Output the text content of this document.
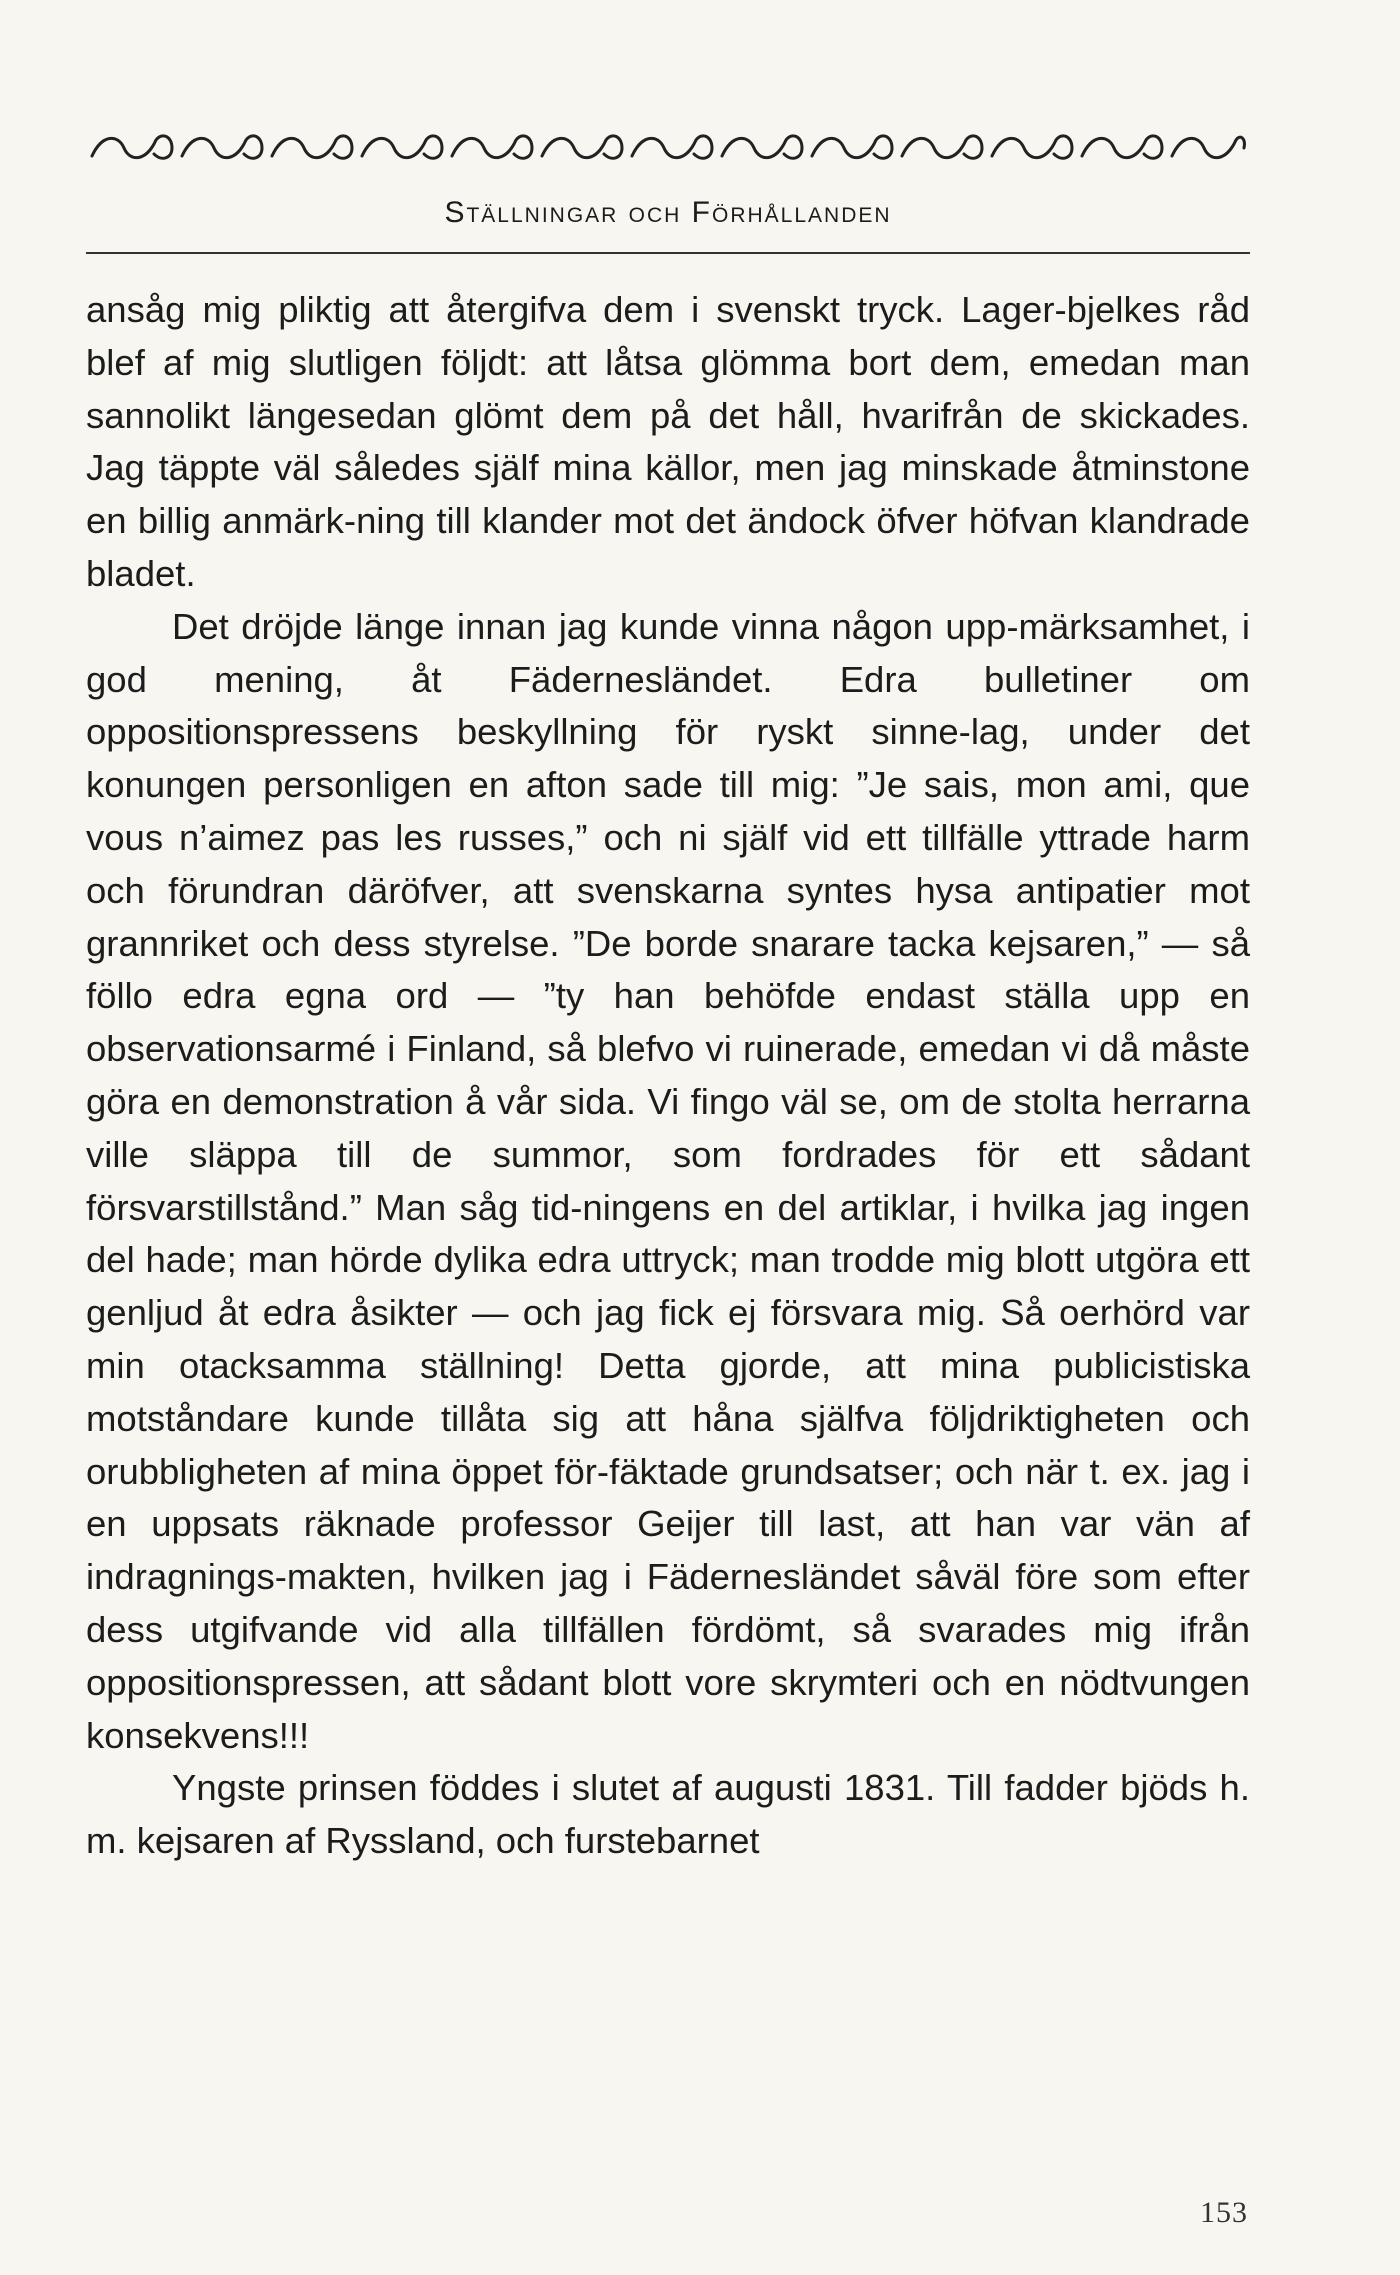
Ställningar och Förhållanden

ansåg mig pliktig att återgifva dem i svenskt tryck. Lager-bjelkes råd blef af mig slutligen följdt: att låtsa glömma bort dem, emedan man sannolikt längesedan glömt dem på det håll, hvarifrån de skickades. Jag täppte väl således själf mina källor, men jag minskade åtminstone en billig anmärk-ning till klander mot det ändock öfver höfvan klandrade bladet.

Det dröjde länge innan jag kunde vinna någon upp-märksamhet, i god mening, åt Fädernesländet. Edra bulletiner om oppositionspressens beskyllning för ryskt sinne-lag, under det konungen personligen en afton sade till mig: ”Je sais, mon ami, que vous n’aimez pas les russes,” och ni själf vid ett tillfälle yttrade harm och förundran däröfver, att svenskarna syntes hysa antipatier mot grannriket och dess styrelse. ”De borde snarare tacka kejsaren,” — så föllo edra egna ord — ”ty han behöfde endast ställa upp en observationsarmé i Finland, så blefvo vi ruinerade, emedan vi då måste göra en demonstration å vår sida. Vi fingo väl se, om de stolta herrarna ville släppa till de summor, som fordrades för ett sådant försvarstillstånd.” Man såg tid-ningens en del artiklar, i hvilka jag ingen del hade; man hörde dylika edra uttryck; man trodde mig blott utgöra ett genljud åt edra åsikter — och jag fick ej försvara mig. Så oerhörd var min otacksamma ställning! Detta gjorde, att mina publicistiska motståndare kunde tillåta sig att håna själfva följdriktigheten och orubbligheten af mina öppet för-fäktade grundsatser; och när t. ex. jag i en uppsats räknade professor Geijer till last, att han var vän af indragnings-makten, hvilken jag i Fädernesländet såväl före som efter dess utgifvande vid alla tillfällen fördömt, så svarades mig ifrån oppositionspressen, att sådant blott vore skrymteri och en nödtvungen konsekvens!!!

Yngste prinsen föddes i slutet af augusti 1831. Till fadder bjöds h. m. kejsaren af Ryssland, och furstebarnet

153
